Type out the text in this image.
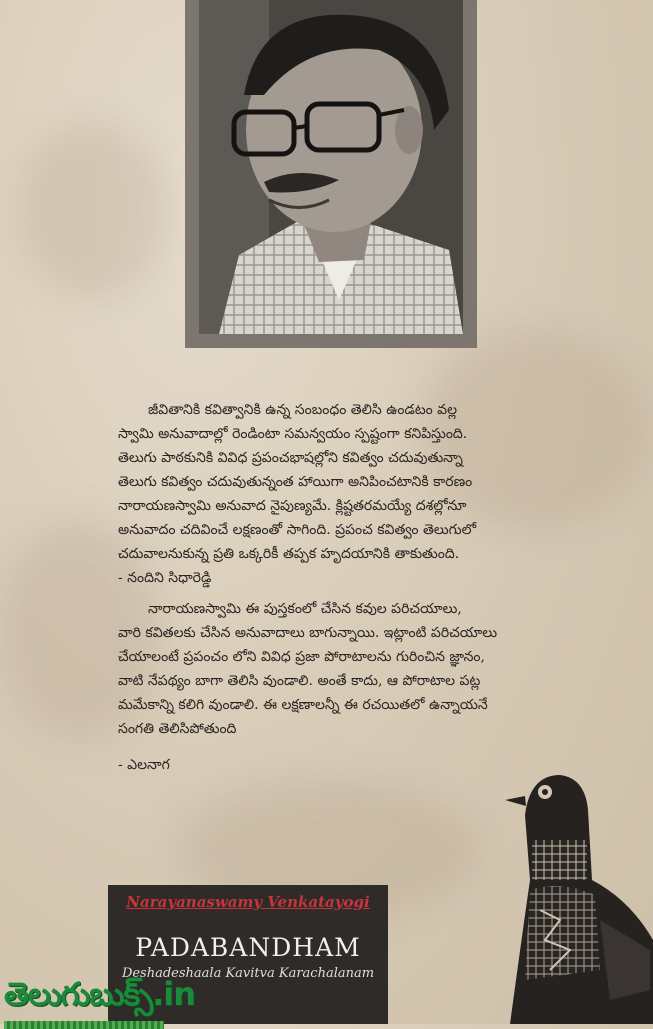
జీవితానికి కవిత్వానికి ఉన్న సంబంధం తెలిసి ఉండటం వల్ల

స్వామి అనువాదాల్లో రెండింటా సమన్వయం స్పష్టంగా కనిపిస్తుంది.

తెలుగు పాఠకునికి వివిధ ప్రపంచభాషల్లోని కవిత్వం చదువుతున్నా

తెలుగు కవిత్వం చదువుతున్నంత హాయిగా అనిపించటానికి కారణం

నారాయణస్వామి అనువాద నైపుణ్యమే. క్లిష్టతరమయ్యే దశల్లోనూ

అనువాదం చదివించే లక్షణంతో సాగింది. ప్రపంచ కవిత్వం తెలుగులో

చదువాలనుకున్న ప్రతి ఒక్కరికీ తప్పక హృదయానికి తాకుతుంది.

- నందిని సిధారెడ్డి

నారాయణస్వామి ఈ పుస్తకంలో చేసిన కవుల పరిచయాలు,

వారి కవితలకు చేసిన అనువాదాలు బాగున్నాయి. ఇట్లాంటి పరిచయాలు

చేయాలంటే ప్రపంచం లోని వివిధ ప్రజా పోరాటాలను గురించిన జ్ఞానం,

వాటి నేపథ్యం బాగా తెలిసి వుండాలి. అంతే కాదు, ఆ పోరాటాల పట్ల

మమేకాన్ని కలిగి వుండాలి. ఈ లక్షణాలన్నీ ఈ రచయితలో ఉన్నాయనే

సంగతి తెలిసిపోతుంది

- ఎలనాగ

Narayanaswamy Venkatayogi
PADABANDHAM
Deshadeshaala Kavitva Karachalanam
తెలుగుబుక్స్.in
